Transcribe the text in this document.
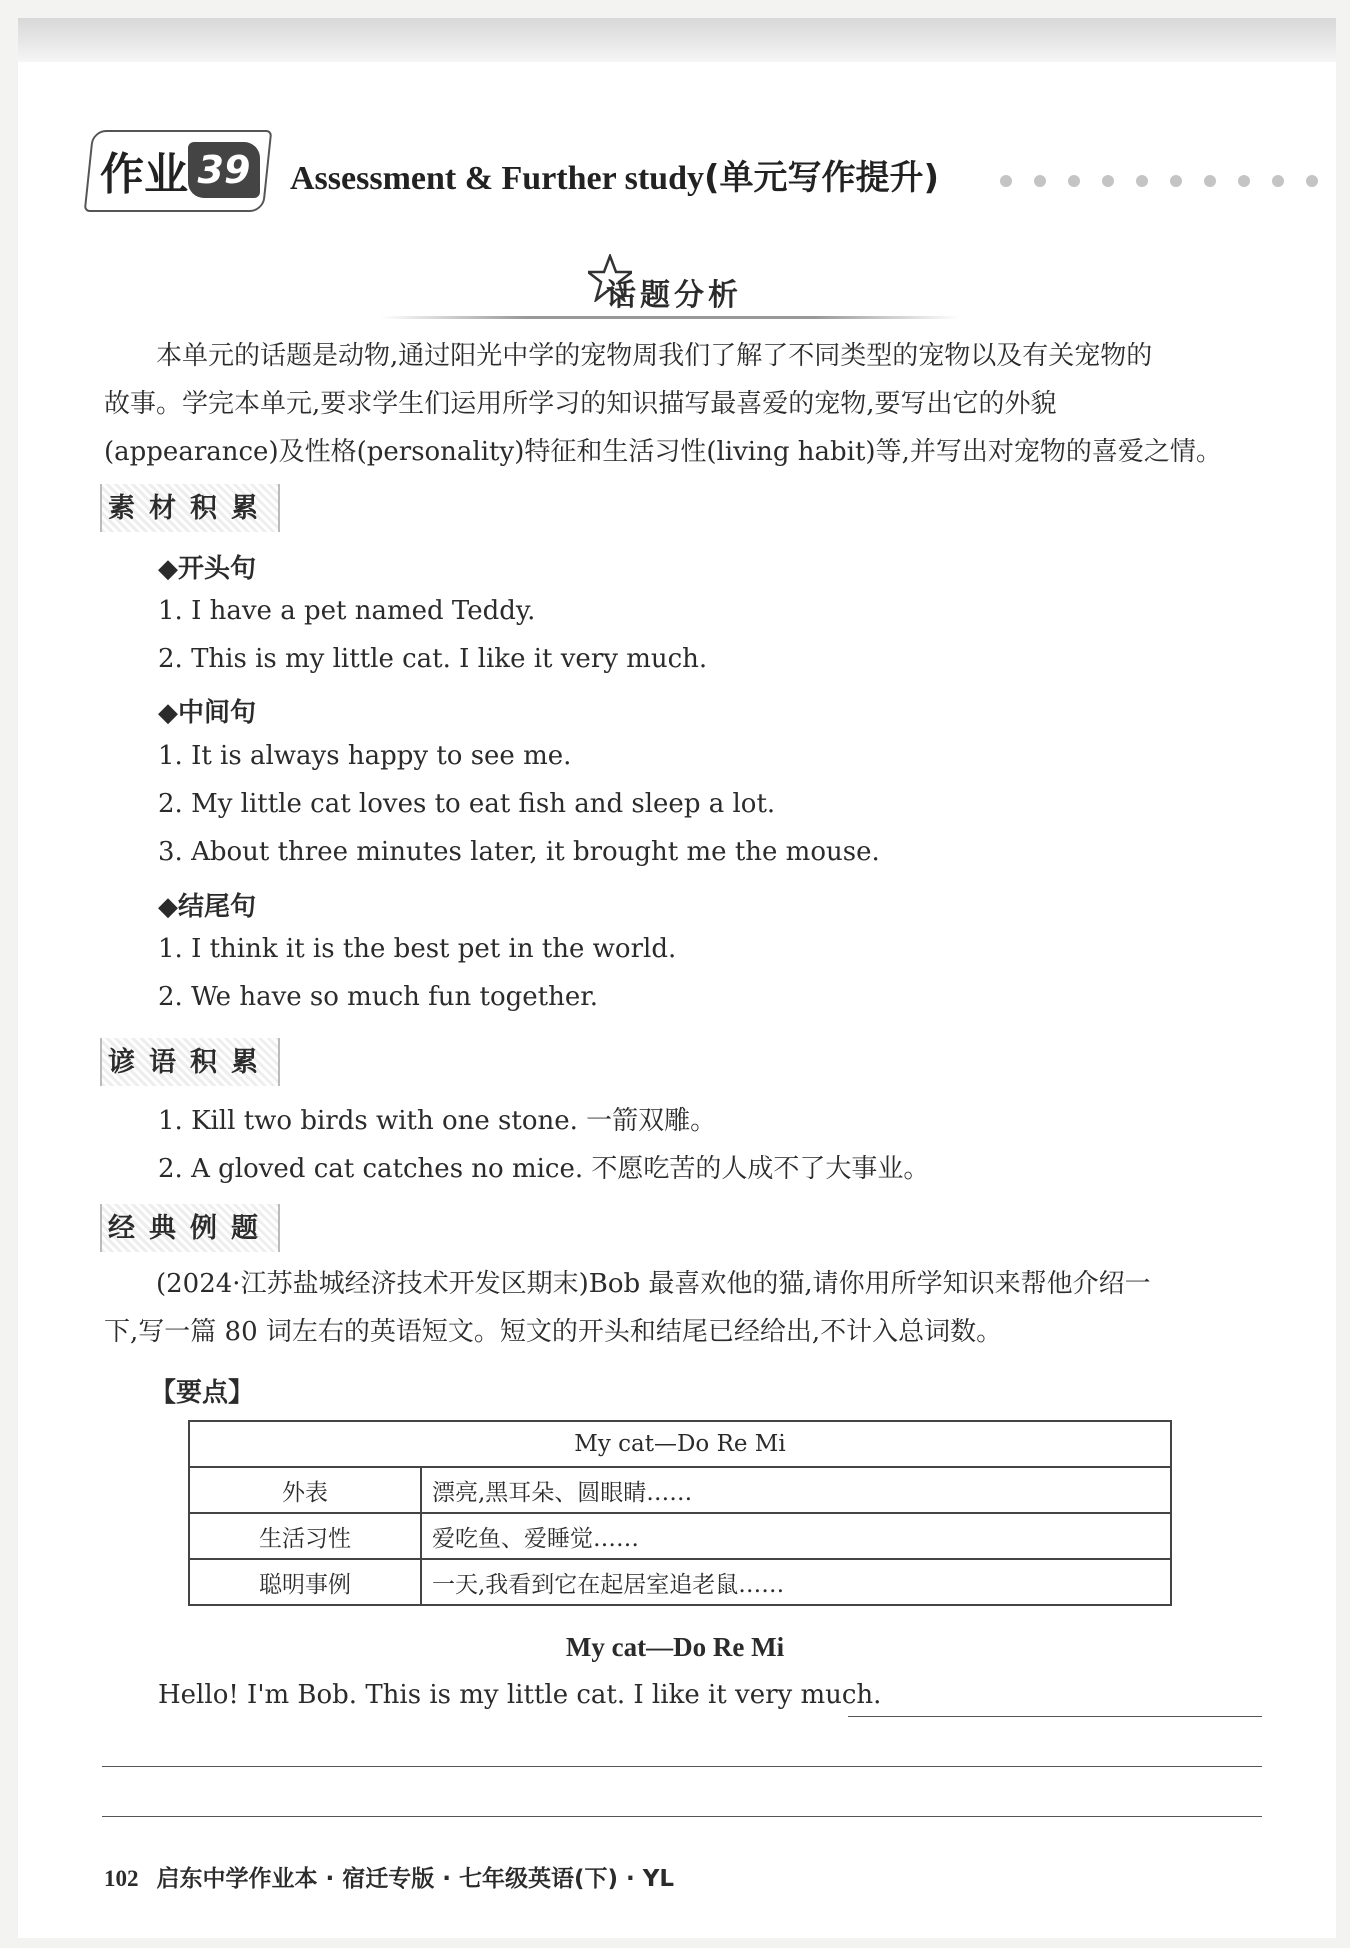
作业 39 Assessment & Further study(单元写作提升)
话题分析
本单元的话题是动物,通过阳光中学的宠物周我们了解了不同类型的宠物以及有关宠物的
故事。学完本单元,要求学生们运用所学习的知识描写最喜爱的宠物,要写出它的外貌
(appearance)及性格(personality)特征和生活习性(living habit)等,并写出对宠物的喜爱之情。
素材积累
◆开头句
1. I have a pet named Teddy.
2. This is my little cat. I like it very much.
◆中间句
1. It is always happy to see me.
2. My little cat loves to eat fish and sleep a lot.
3. About three minutes later, it brought me the mouse.
◆结尾句
1. I think it is the best pet in the world.
2. We have so much fun together.
谚语积累
1. Kill two birds with one stone. 一箭双雕。
2. A gloved cat catches no mice. 不愿吃苦的人成不了大事业。
经典例题
(2024·江苏盐城经济技术开发区期末)Bob 最喜欢他的猫,请你用所学知识来帮他介绍一
下,写一篇 80 词左右的英语短文。短文的开头和结尾已经给出,不计入总词数。
【要点】
My cat—Do Re Mi	
外表	漂亮,黑耳朵、圆眼睛……
生活习性	爱吃鱼、爱睡觉……
聪明事例	一天,我看到它在起居室追老鼠……
My cat—Do Re Mi
Hello! I'm Bob. This is my little cat. I like it very much.
102 启东中学作业本 · 宿迁专版 · 七年级英语(下) · YL
